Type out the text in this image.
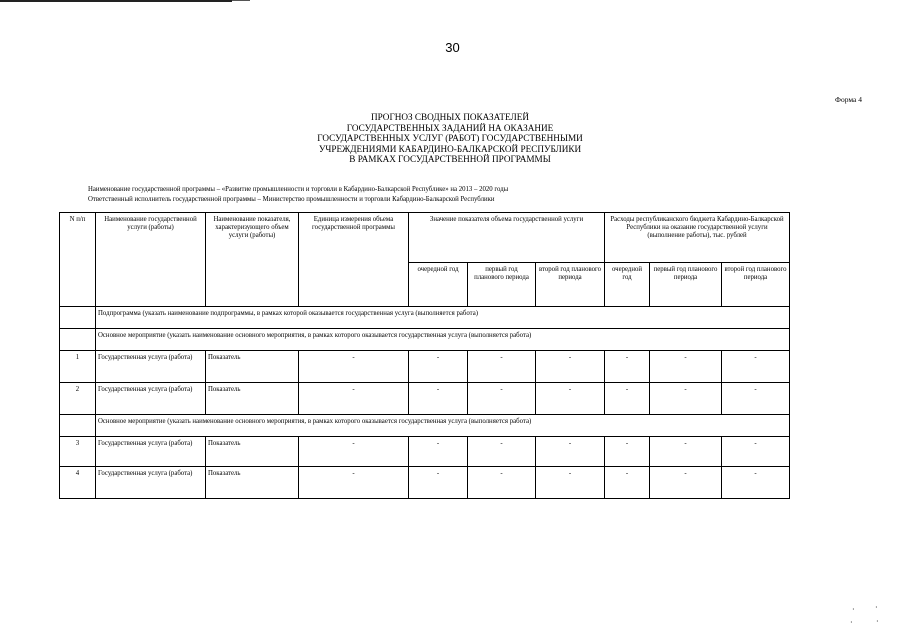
30
Форма 4
ПРОГНОЗ СВОДНЫХ ПОКАЗАТЕЛЕЙ
ГОСУДАРСТВЕННЫХ ЗАДАНИЙ НА ОКАЗАНИЕ
ГОСУДАРСТВЕННЫХ УСЛУГ (РАБОТ) ГОСУДАРСТВЕННЫМИ
УЧРЕЖДЕНИЯМИ КАБАРДИНО-БАЛКАРСКОЙ РЕСПУБЛИКИ
В РАМКАХ ГОСУДАРСТВЕННОЙ ПРОГРАММЫ
Наименование государственной программы – «Развитие промышленности и торговли в Кабардино-Балкарской Республике» на 2013 – 2020 годы
Ответственный исполнитель государственной программы – Министерство промышленности и торговли Кабардино-Балкарской Республики
N п/п	Наименование государственной услуги (работы)	Наименование показателя, характеризующего объем услуги (работы)	Единица измерения объема государственной программы	Значение показателя объема государственной услуги			Расходы республиканского бюджета Кабардино-Балкарской Республики на оказание государственной услуги (выполнение работы), тыс. рублей		
				очередной год	первый год планового периода	второй год планового периода	очередной год	первый год планового периода	второй год планового периода
	Подпрограмма (указать наименование подпрограммы, в рамках которой оказывается государственная услуга (выполняется работа)								
	Основное мероприятие (указать наименование основного мероприятия, в рамках которого оказывается государственная услуга (выполняется работа)								
1	Государственная услуга (работа)	Показатель	-	-	-	-	-	-	-
2	Государственная услуга (работа)	Показатель	-	-	-	-	-	-	-
	Основное мероприятие (указать наименование основного мероприятия, в рамках которого оказывается государственная услуга (выполняется работа)								
3	Государственная услуга (работа)	Показатель	-	-	-	-	-	-	-
4	Государственная услуга (работа)	Показатель	-	-	-	-	-	-	-
·	·
·	·
